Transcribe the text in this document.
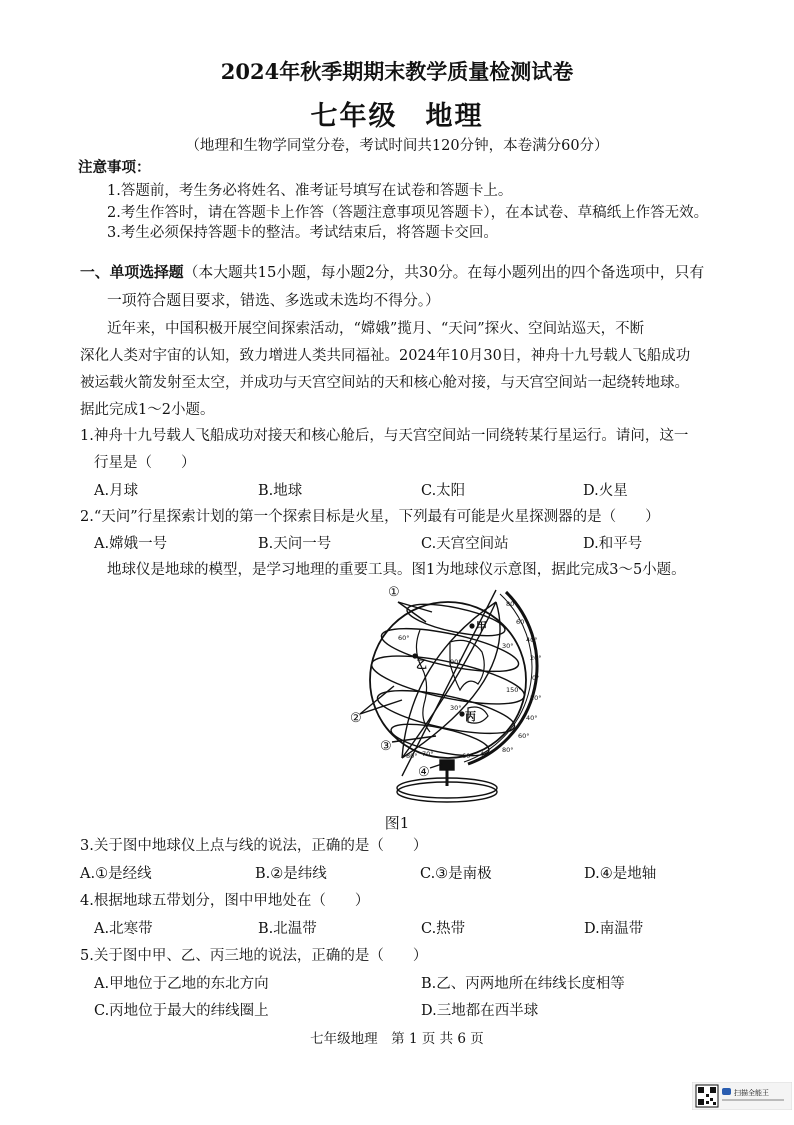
2024年秋季期期末教学质量检测试卷
七年级 地理
（地理和生物学同堂分卷，考试时间共120分钟，本卷满分60分）
注意事项：
1.答题前，考生务必将姓名、准考证号填写在试卷和答题卡上。
2.考生作答时，请在答题卡上作答（答题注意事项见答题卡），在本试卷、草稿纸上作答无效。
3.考生必须保持答题卡的整洁。考试结束后，将答题卡交回。
一、单项选择题（本大题共15小题，每小题2分，共30分。在每小题列出的四个备选项中，只有
一项符合题目要求，错选、多选或未选均不得分。）
近年来，中国积极开展空间探索活动，“嫦娥”揽月、“天问”探火、空间站巡天，不断
深化人类对宇宙的认知，致力增进人类共同福祉。2024年10月30日，神舟十九号载人飞船成功
被运载火箭发射至太空，并成功与天宫空间站的天和核心舱对接，与天宫空间站一起绕转地球。
据此完成1～2小题。
1.神舟十九号载人飞船成功对接天和核心舱后，与天宫空间站一同绕转某行星运行。请问，这一
行星是（　　）
A.月球	B.地球	C.太阳	D.火星
2.“天问”行星探索计划的第一个探索目标是火星，下列最有可能是火星探测器的是（　　）
A.嫦娥一号	B.天问一号	C.天宫空间站	D.和平号
地球仪是地球的模型，是学习地理的重要工具。图1为地球仪示意图，据此完成3～5小题。
①
②
③
④
甲
乙
丙
80°
60°
60°	40°
30°
20°
0°
20°
30°
40°
60°
80°
90°
150°
40°
60°
70°
80°
图1
3.关于图中地球仪上点与线的说法，正确的是（　　）
A.①是经线	B.②是纬线	C.③是南极	D.④是地轴
4.根据地球五带划分，图中甲地处在（　　）
A.北寒带	B.北温带	C.热带	D.南温带
5.关于图中甲、乙、丙三地的说法，正确的是（　　）
A.甲地位于乙地的东北方向	B.乙、丙两地所在纬线长度相等
C.丙地位于最大的纬线圈上	D.三地都在西半球
七年级地理　第 1 页 共 6 页
扫描全能王
